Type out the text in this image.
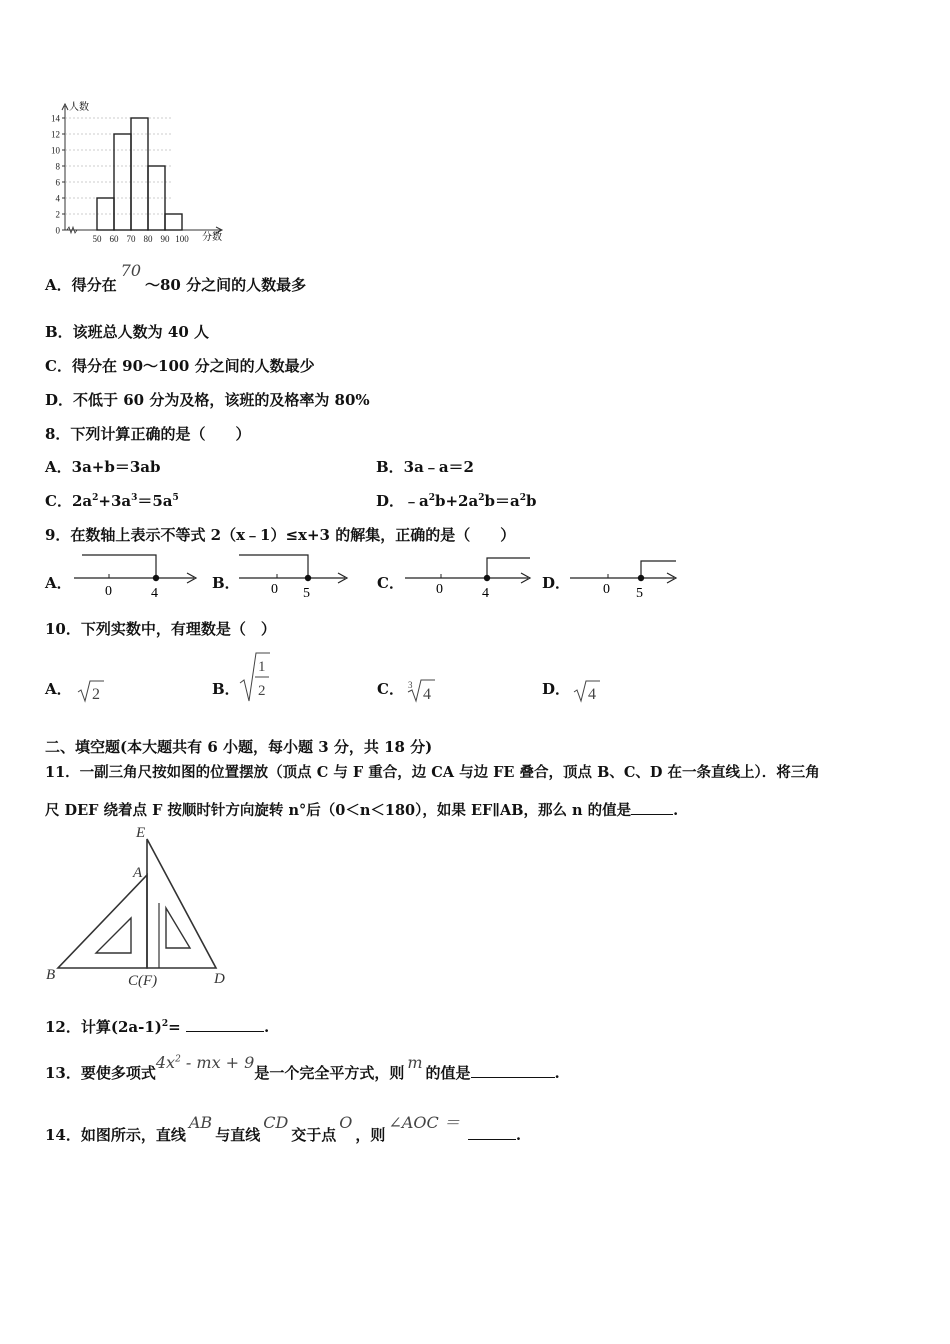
0
2
4
6
8
10
12
14
50 60 70 80 90 100
人数
分数
A．得分在70～80 分之间的人数最多
B．该班总人数为 40 人
C．得分在 90～100 分之间的人数最少
D．不低于 60 分为及格，该班的及格率为 80%
8．下列计算正确的是（　　）
A．3a+b＝3ab	B．3a﹣a＝2
C．$2a^2+3a^3=5a^5$	D．$﹣a^2b+2a^2b=a^2b$
9．在数轴上表示不等式 2（x﹣1）≤x+3 的解集，正确的是（　　）
A． 0	4
B． 0 5
C． 0	4
D． 0 5
10．下列实数中，有理数是（　）
A． 2	B．
1
2	C． 3
4	D． 4
二、填空题(本大题共有 6 小题，每小题 3 分，共 18 分)
11．一副三角尺按如图的位置摆放（顶点 C 与 F 重合，边 CA 与边 FE 叠合，顶点 B、C、D 在一条直线上）．将三角
尺 DEF 绕着点 F 按顺时针方向旋转 n°后（0＜n＜180），如果 EF∥AB，那么 n 的值是	.
E
A
B	C(F)	D
12．计算$(2a-1)^2=$	.
13．要使多项式$4x^2$ - mx + 9是一个完全平方式，则m的值是	.
14．如图所示，直线AB与直线CD交于点O，则∠AOC ＝.
